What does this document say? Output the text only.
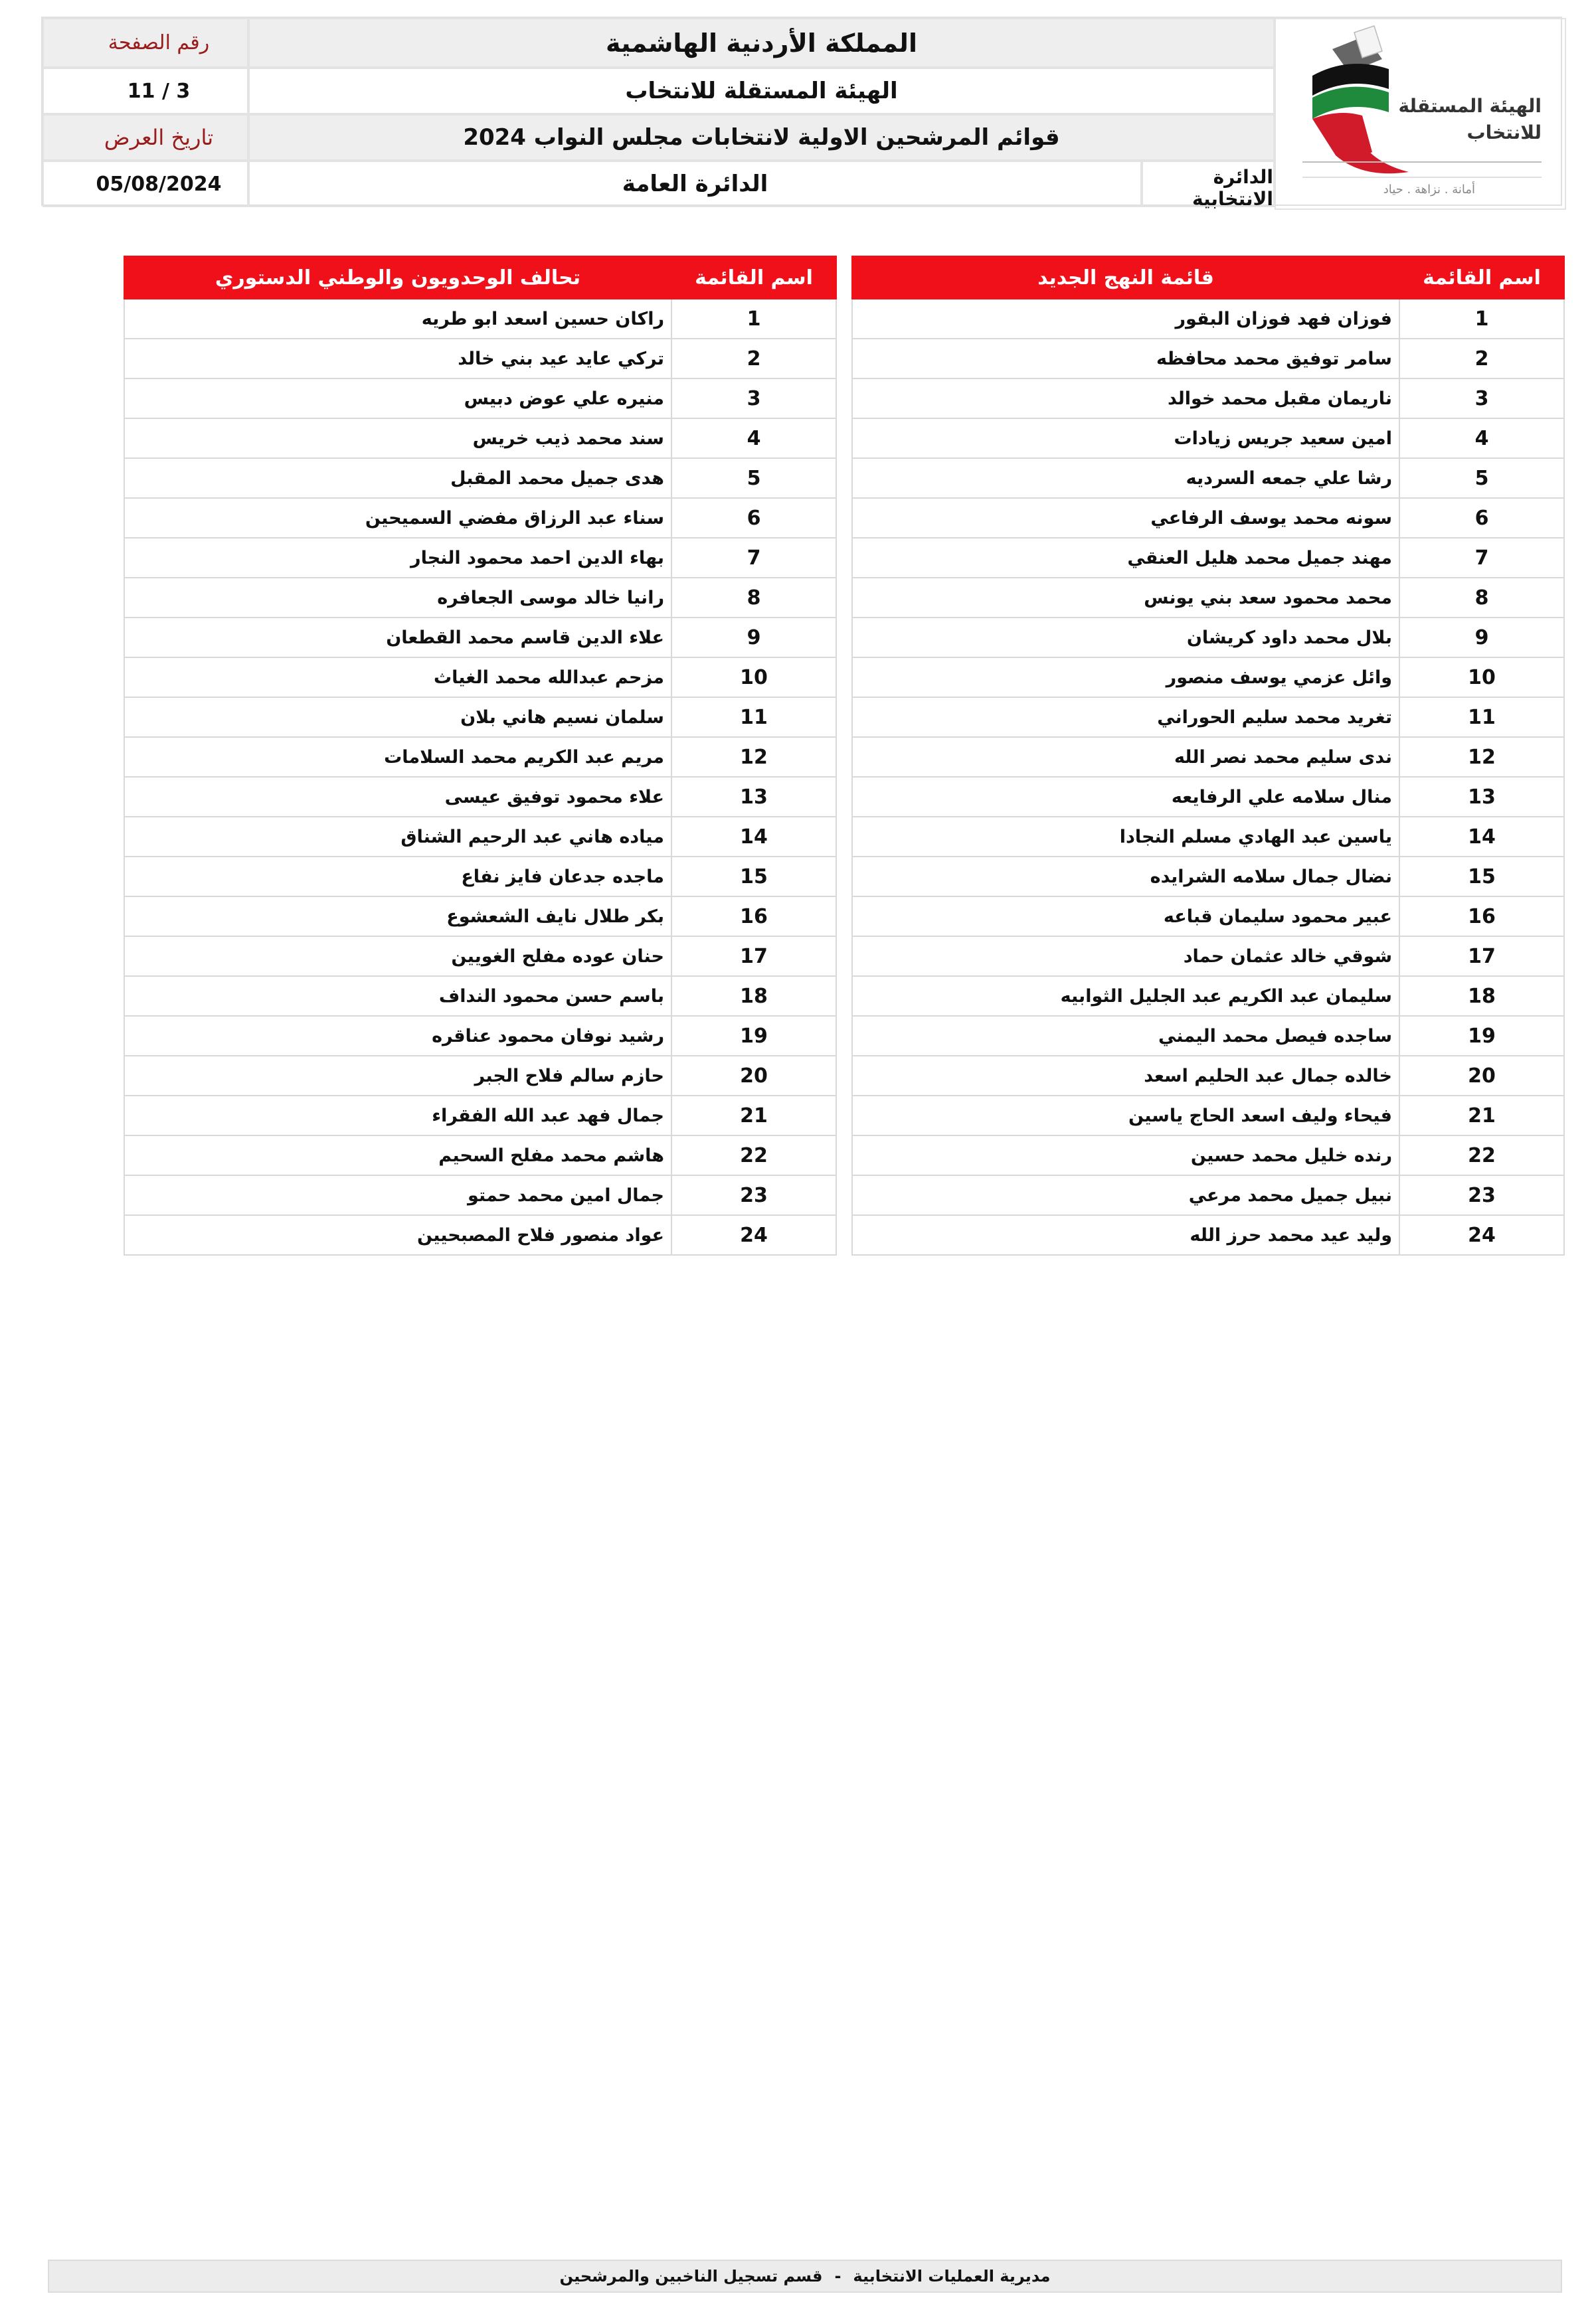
المملكة الأردنية الهاشمية
الهيئة المستقلة للانتخاب
قوائم المرشحين الاولية لانتخابات مجلس النواب 2024
الدائرة العامة	الدائرة الانتخابية
رقم الصفحة
3 / 11
تاريخ العرض
05/08/2024
الهيئة المستقلة
للانتخاب
أمانة . نزاهة . حياد
اسم القائمة	قائمة النهج الجديد
1	فوزان فهد فوزان البقور
2	سامر توفيق محمد محافظه
3	ناريمان مقبل محمد خوالد
4	امين سعيد جريس زيادات
5	رشا علي جمعه السرديه
6	سونه محمد يوسف الرفاعي
7	مهند جميل محمد هليل العنقي
8	محمد محمود سعد بني يونس
9	بلال محمد داود كريشان
10	وائل عزمي يوسف منصور
11	تغريد محمد سليم الحوراني
12	ندى سليم محمد نصر الله
13	منال سلامه علي الرفايعه
14	ياسين عبد الهادي مسلم النجادا
15	نضال جمال سلامه الشرايده
16	عبير محمود سليمان قباعه
17	شوقي خالد عثمان حماد
18	سليمان عبد الكريم عبد الجليل الثوابيه
19	ساجده فيصل محمد اليمني
20	خالده جمال عبد الحليم اسعد
21	فيحاء وليف اسعد الحاج ياسين
22	رنده خليل محمد حسين
23	نبيل جميل محمد مرعي
24	وليد عيد محمد حرز الله
اسم القائمة	تحالف الوحدويون والوطني الدستوري
1	راكان حسين اسعد ابو طريه
2	تركي عايد عيد بني خالد
3	منيره علي عوض دبيس
4	سند محمد ذيب خريس
5	هدى جميل محمد المقبل
6	سناء عبد الرزاق مفضي السميحين
7	بهاء الدين احمد محمود النجار
8	رانيا خالد موسى الجعافره
9	علاء الدين قاسم محمد القطعان
10	مزحم عبدالله محمد الغياث
11	سلمان نسيم هاني بلان
12	مريم عبد الكريم محمد السلامات
13	علاء محمود توفيق عيسى
14	مياده هاني عبد الرحيم الشناق
15	ماجده جدعان فايز نفاع
16	بكر طلال نايف الشعشوع
17	حنان عوده مفلح الغويين
18	باسم حسن محمود النداف
19	رشيد نوفان محمود عناقره
20	حازم سالم فلاح الجبر
21	جمال فهد عبد الله الفقراء
22	هاشم محمد مفلح السحيم
23	جمال امين محمد حمتو
24	عواد منصور فلاح المصبحيين
مديرية العمليات الانتخابية
-
قسم تسجيل الناخبين والمرشحين
